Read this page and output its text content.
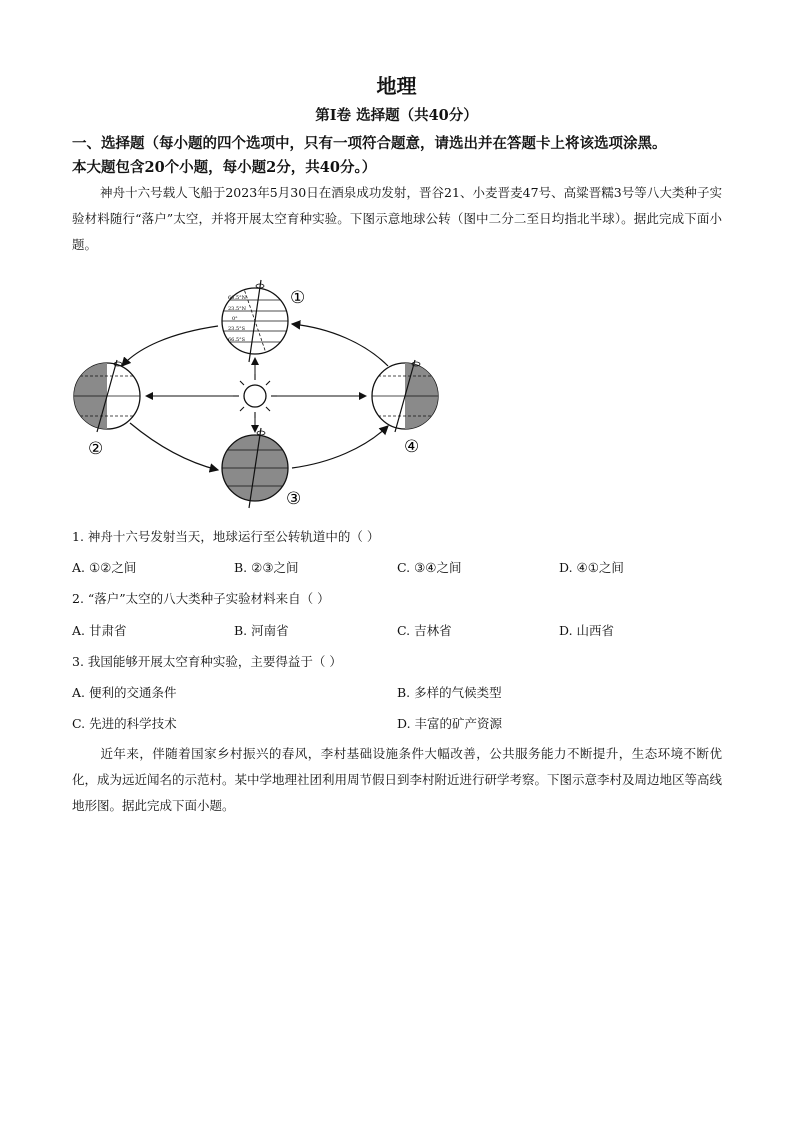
地理
第Ⅰ卷 选择题（共40分）
一、选择题（每小题的四个选项中，只有一项符合题意，请选出并在答题卡上将该选项涂黑。
本大题包含20个小题，每小题2分，共40分。）
神舟十六号载人飞船于2023年5月30日在酒泉成功发射，晋谷21、小麦晋麦47号、高粱晋糯3号等八大类种子实验材料随行“落户”太空，并将开展太空育种实验。下图示意地球公转（图中二分二至日均指北半球）。据此完成下面小题。
66.5°N
23.5°N
0°
23.5°S
66.5°S
①
②
③
④
1. 神舟十六号发射当天，地球运行至公转轨道中的（ ）
A. ①②之间	B. ②③之间	C. ③④之间	D. ④①之间
2. “落户”太空的八大类种子实验材料来自（ ）
A. 甘肃省	B. 河南省	C. 吉林省	D. 山西省
3. 我国能够开展太空育种实验，主要得益于（ ）
A. 便利的交通条件	B. 多样的气候类型
C. 先进的科学技术	D. 丰富的矿产资源
近年来，伴随着国家乡村振兴的春风，李村基础设施条件大幅改善，公共服务能力不断提升，生态环境不断优化，成为远近闻名的示范村。某中学地理社团利用周节假日到李村附近进行研学考察。下图示意李村及周边地区等高线地形图。据此完成下面小题。
